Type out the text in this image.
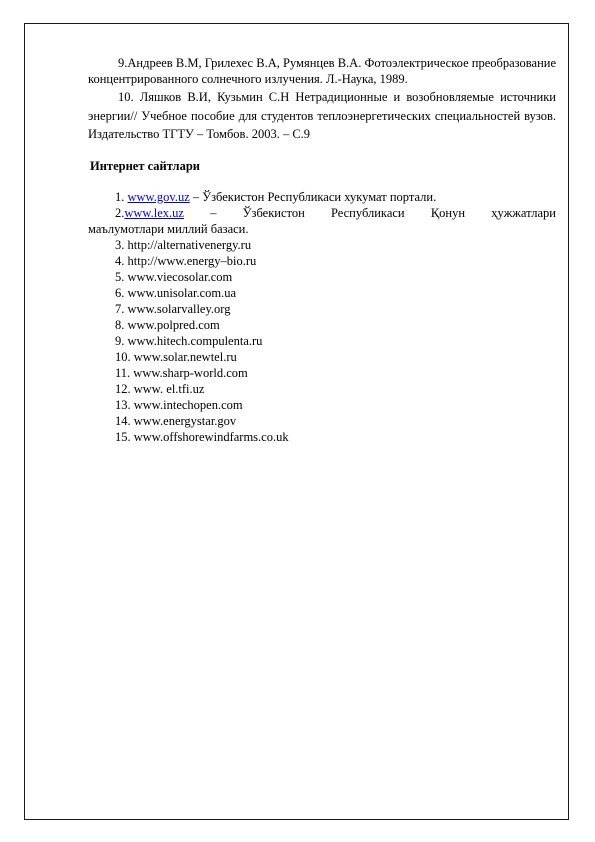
9.Андреев В.М, Грилехес В.А, Румянцев В.А. Фотоэлектрическое преобразование концентрированного солнечного излучения. Л.-Наука, 1989.

10. Ляшков В.И, Кузьмин С.Н Нетрадиционные и возобновляемые источники энергии// Учебное пособие для студентов теплоэнергетических специальностей вузов. Издательство ТГТУ – Томбов. 2003. – С.9

Интернет сайтлари

1. www.gov.uz – Ўзбекистон Республикаси хукумат портали.

2.www.lex.uz – Ўзбекистон Республикаси Қонун ҳужжатлари

маълумотлари миллий базаси.

3. http://alternativenergy.ru

4. http://www.energy–bio.ru

5. www.viecosolar.com

6. www.unisolar.com.ua

7. www.solarvalley.org

8. www.polpred.com

9. www.hitech.compulenta.ru

10. www.solar.newtel.ru

11. www.sharp-world.com

12. www. el.tfi.uz

13. www.intechopen.com

14. www.energystar.gov

15. www.offshorewindfarms.co.uk
